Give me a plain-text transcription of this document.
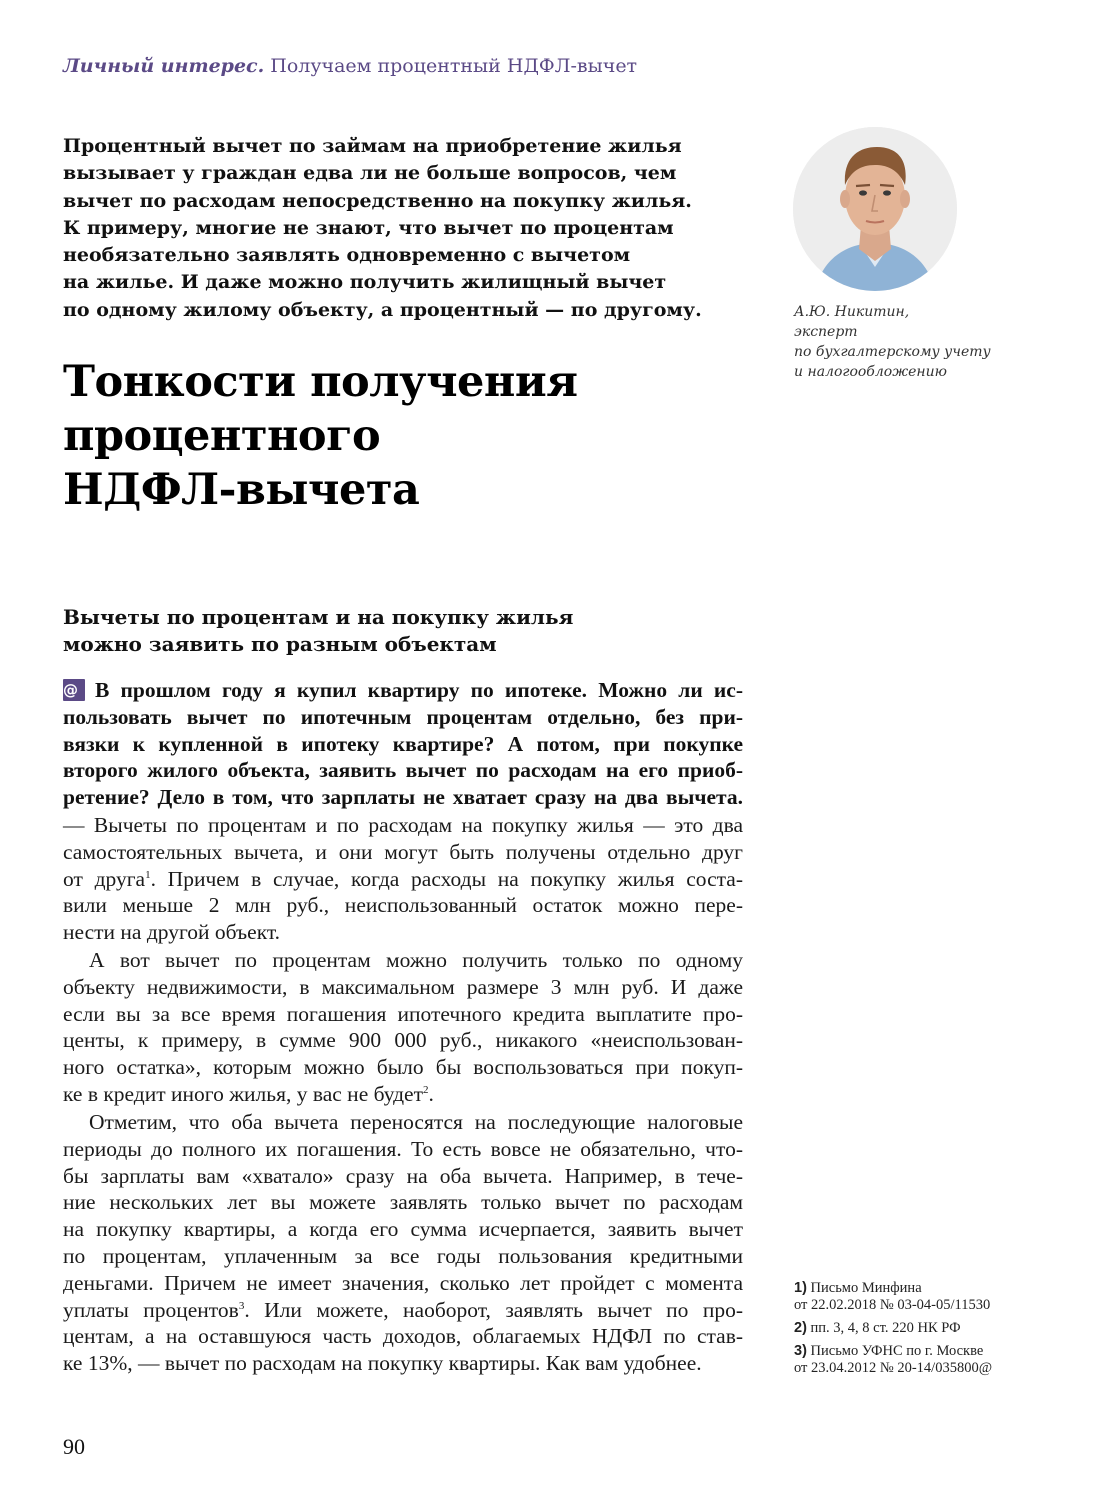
Личный интерес. Получаем процентный НДФЛ-вычет
Процентный вычет по займам на приобретение жилья
вызывает у граждан едва ли не больше вопросов, чем
вычет по расходам непосредственно на покупку жилья.
К примеру, многие не знают, что вычет по процентам
необязательно заявлять одновременно с вычетом
на жилье. И даже можно получить жилищный вычет
по одному жилому объекту, а процентный — по другому.	А.Ю. Никитин,
эксперт
по бухгалтерскому учету
и налогообложению
Тонкости получения
процентного
НДФЛ-вычета
Вычеты по процентам и на покупку жилья
можно заявить по разным объектам
@ В прошлом году я купил квартиру по ипотеке. Можно ли ис-
пользовать вычет по ипотечным процентам отдельно, без при-
вязки к купленной в ипотеку квартире? А потом, при покупке
второго жилого объекта, заявить вычет по расходам на его приоб-
ретение? Дело в том, что зарплаты не хватает сразу на два вычета.
— Вычеты по процентам и по расходам на покупку жилья — это два
самостоятельных вычета, и они могут быть получены отдельно друг
от друга$^1$. Причем в случае, когда расходы на покупку жилья соста-
вили меньше 2 млн руб., неиспользованный остаток можно пере-
нести на другой объект.
А вот вычет по процентам можно получить только по одному
объекту недвижимости, в максимальном размере 3 млн руб. И даже
если вы за все время погашения ипотечного кредита выплатите про-
центы, к примеру, в сумме 900 000 руб., никакого «неиспользован-
ного остатка», которым можно было бы воспользоваться при покуп-
ке в кредит иного жилья, у вас не будет$^2$.
Отметим, что оба вычета переносятся на последующие налоговые
периоды до полного их погашения. То есть вовсе не обязательно, что-
бы зарплаты вам «хватало» сразу на оба вычета. Например, в тече-
ние нескольких лет вы можете заявлять только вычет по расходам
на покупку квартиры, а когда его сумма исчерпается, заявить вычет
по процентам, уплаченным за все годы пользования кредитными
деньгами. Причем не имеет значения, сколько лет пройдет с момента
уплаты процентов$^3$. Или можете, наоборот, заявлять вычет по про-
центам, а на оставшуюся часть доходов, облагаемых НДФЛ по став-
ке 13%, — вычет по расходам на покупку квартиры. Как вам удобнее.
1) Письмо Минфина
от 22.02.2018 № 03-04-05/11530
2) пп. 3, 4, 8 ст. 220 НК РФ
3) Письмо УФНС по г. Москве
от 23.04.2012 № 20-14/035800@
90
